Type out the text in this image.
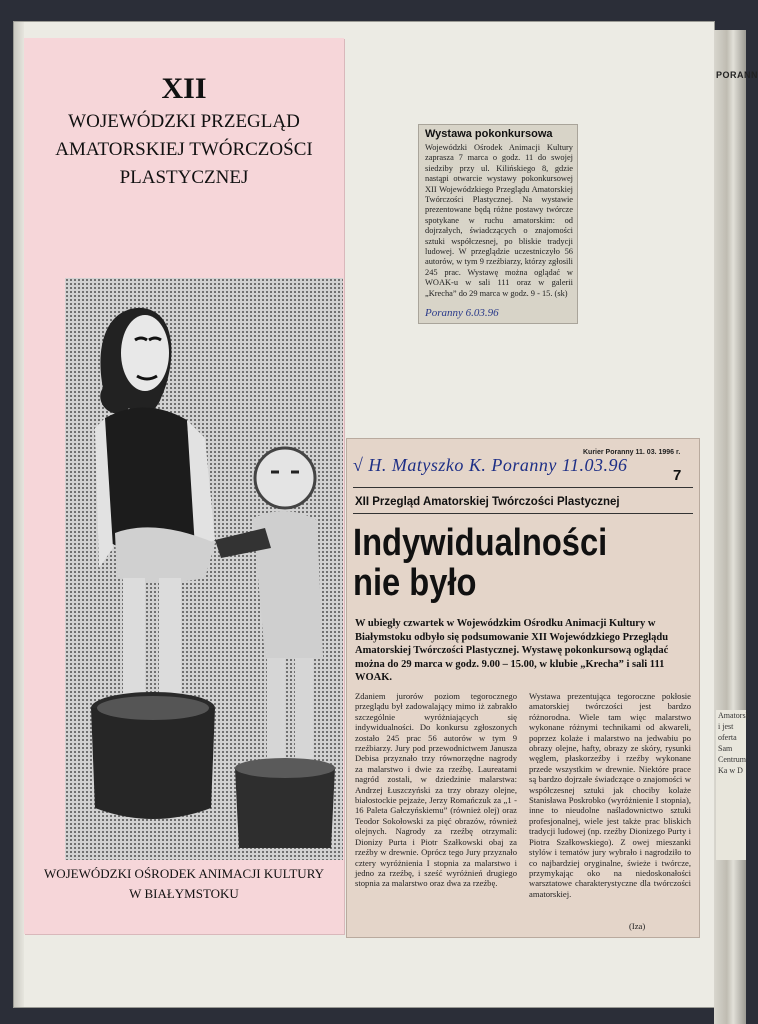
PORANN
Amatorsk i jest oferta Sam Centrum Ka w D
XII
WOJEWÓDZKI PRZEGLĄD
AMATORSKIEJ TWÓRCZOŚCI
PLASTYCZNEJ
WOJEWÓDZKI OŚRODEK ANIMACJI KULTURY
W BIAŁYMSTOKU
Wystawa pokonkursowa
Wojewódzki Ośrodek Animacji Kultury zaprasza 7 marca o godz. 11 do swojej siedziby przy ul. Kilińskiego 8, gdzie nastąpi otwarcie wystawy pokonkursowej XII Wojewódzkiego Przeglądu Amatorskiej Twórczości Plastycznej. Na wystawie prezentowane będą różne postawy twórcze spotykane w ruchu amatorskim: od dojrzałych, świadczących o znajomości sztuki współczesnej, po bliskie tradycji ludowej. W przeglądzie uczestniczyło 56 autorów, w tym 9 rzeźbiarzy, którzy zgłosili 245 prac. Wystawę można oglądać w WOAK-u w sali 111 oraz w galerii „Krecha” do 29 marca w godz. 9 - 15. (sk)
Poranny 6.03.96
Kurier Poranny 11. 03. 1996 r.
√ H. Matyszko K. Poranny 11.03.96
7
XII Przegląd Amatorskiej Twórczości Plastycznej
Indywidualności
nie było
W ubiegły czwartek w Wojewódzkim Ośrodku Animacji Kultury w Białymstoku odbyło się podsumowanie XII Wojewódzkiego Przeglądu Amatorskiej Twórczości Plastycznej. Wystawę pokonkursową oglądać można do 29 marca w godz. 9.00 – 15.00, w klubie „Krecha” i sali 111 WOAK.
Zdaniem jurorów poziom tegorocznego przeglądu był zadowalający mimo iż zabrakło szczególnie wyróżniających się indywidualności. Do konkursu zgłoszonych zostało 245 prac 56 autorów w tym 9 rzeźbiarzy. Jury pod przewodnictwem Janusza Debisa przyznało trzy równorzędne nagrody za malarstwo i dwie za rzeźbę. Laureatami nagród zostali, w dziedzinie malarstwa: Andrzej Łuszczyński za trzy obrazy olejne, białostockie pejzaże, Jerzy Romańczuk za „1 - 16 Paleta Gałczyńskiemu” (również olej) oraz Teodor Sokołowski za pięć obrazów, również olejnych. Nagrody za rzeźbę otrzymali: Dionizy Purta i Piotr Szałkowski obaj za rzeźby w drewnie. Oprócz tego Jury przyznało cztery wyróżnienia I stopnia za malarstwo i jedno za rzeźbę, i sześć wyróżnień drugiego stopnia za malarstwo oraz dwa za rzeźbę.
Wystawa prezentująca tegoroczne pokłosie amatorskiej twórczości jest bardzo różnorodna. Wiele tam więc malarstwo wykonane różnymi technikami od akwareli, poprzez kolaże i malarstwo na jedwabiu po obrazy olejne, hafty, obrazy ze skóry, rysunki węglem, płaskorzeźby i rzeźby wykonane przede wszystkim w drewnie. Niektóre prace są bardzo dojrzałe świadczące o znajomości w współczesnej sztuki jak chociby kolaże Stanisława Poskrobko (wyróżnienie I stopnia), inne to nieudolne naśladownictwo sztuki profesjonalnej, wiele jest także prac bliskich tradycji ludowej (np. rzeźby Dionizego Purty i Piotra Szałkowskiego). Z owej mieszanki stylów i tematów jury wybrało i nagrodziło to co najbardziej oryginalne, świeże i twórcze, przymykając oko na niedoskonałości warsztatowe charakterystyczne dla twórczości amatorskiej.
(Iza)
